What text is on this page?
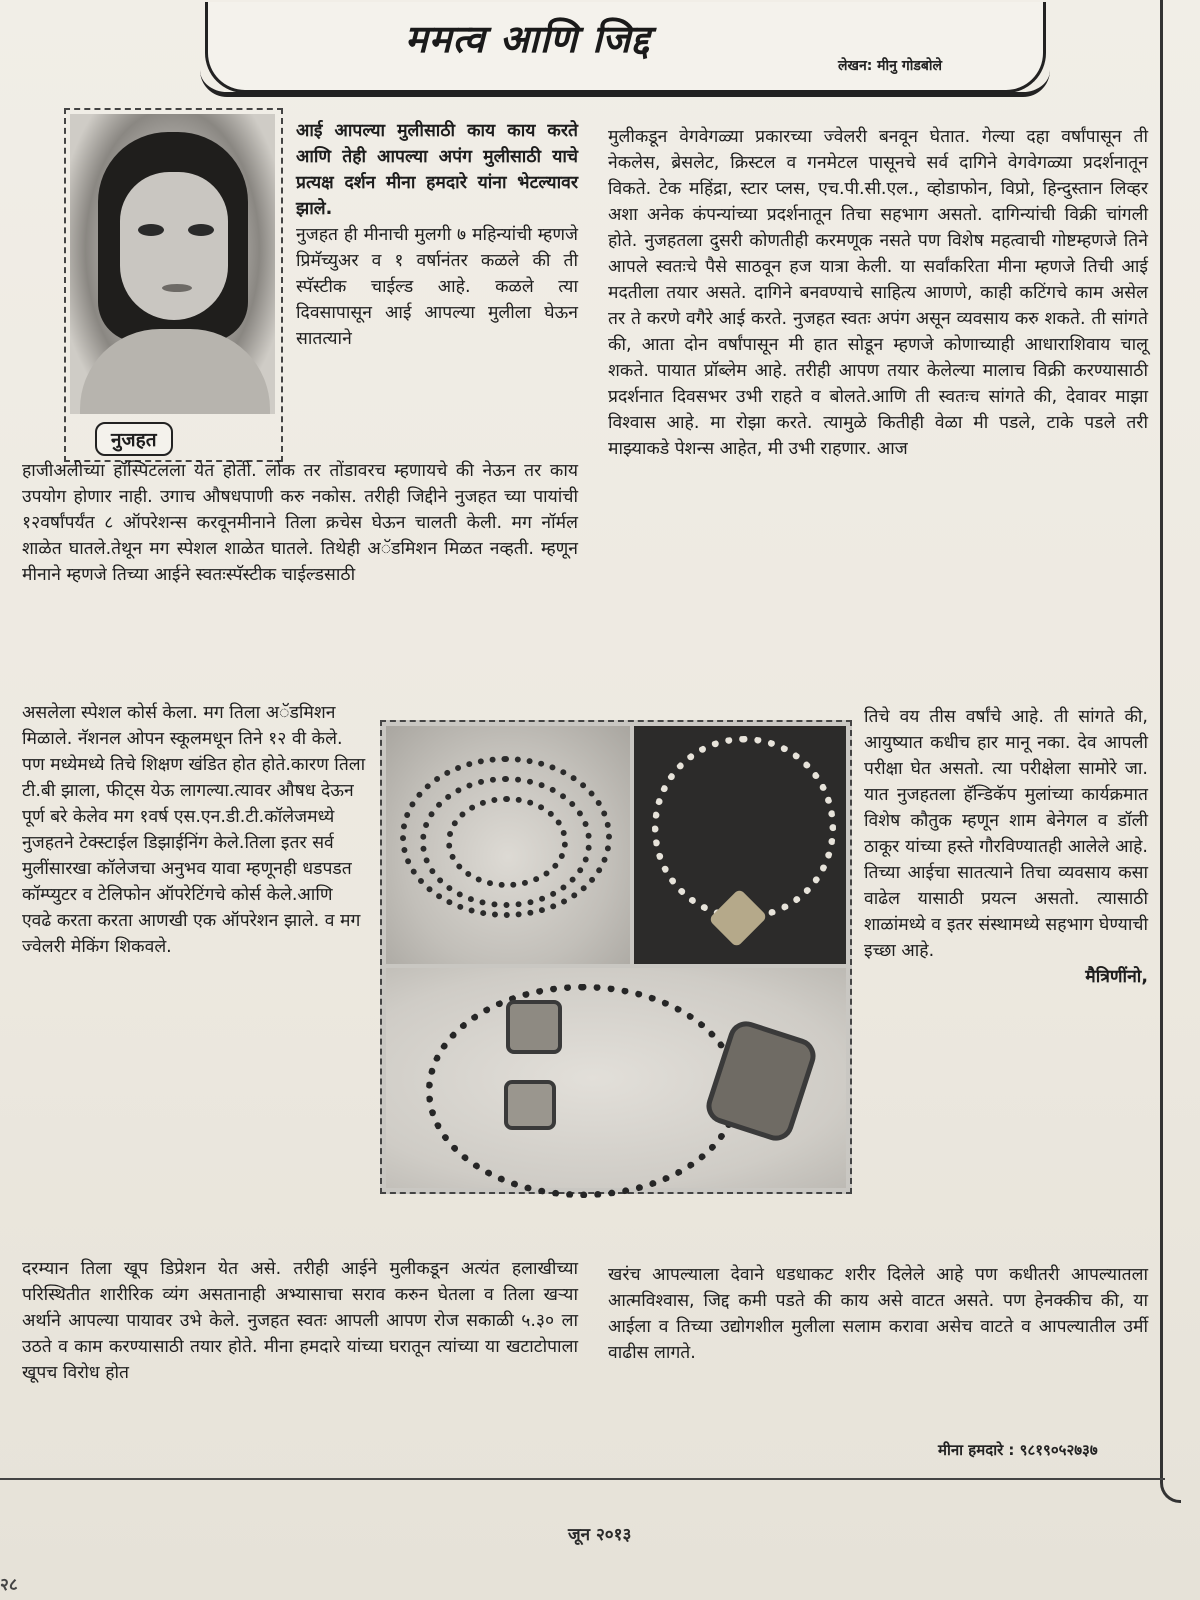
ममत्व आणि जिद्द
लेखन: मीनु गोडबोले
नुजहत

आई आपल्या मुलीसाठी काय काय करते आणि तेही आपल्या अपंग मुलीसाठी याचे प्रत्यक्ष दर्शन मीना हमदारे यांना भेटल्यावर झाले.

नुजहत ही मीनाची मुलगी ७ महिन्यांची म्हणजे प्रिमॅच्युअर व १ वर्षानंतर कळले की ती स्पॅस्टीक चाईल्ड आहे. कळले त्या दिवसापासून आई आपल्या मुलीला घेऊन सातत्याने

हाजीअलीच्या हॉस्पिटलला येत होती. लोक तर तोंडावरच म्हणायचे की नेऊन तर काय उपयोग होणार नाही. उगाच औषधपाणी करु नकोस. तरीही जिद्दीने नुजहत च्या पायांची १२वर्षांपर्यंत ८ ऑपरेशन्स करवूनमीनाने तिला क्रचेस घेऊन चालती केली. मग नॉर्मल शाळेत घातले.तेथून मग स्पेशल शाळेत घातले. तिथेही अॅडमिशन मिळत नव्हती. म्हणून मीनाने म्हणजे तिच्या आईने स्वतःस्पॅस्टीक चाईल्डसाठी

असलेला स्पेशल कोर्स केला. मग तिला अॅडमिशन मिळाले. नॅशनल ओपन स्कूलमधून तिने १२ वी केले. पण मध्येमध्ये तिचे शिक्षण खंडित होत होते.कारण तिला टी.बी झाला, फीट्स येऊ लागल्या.त्यावर औषध देऊन पूर्ण बरे केलेव मग १वर्ष एस.एन.डी.टी.कॉलेजमध्ये नुजहतने टेक्स्टाईल डिझाईनिंग केले.तिला इतर सर्व मुलींसारखा कॉलेजचा अनुभव यावा म्हणूनही धडपडत कॉम्प्युटर व टेलिफोन ऑपरेटिंगचे कोर्स केले.आणि एवढे करता करता आणखी एक ऑपरेशन झाले. व मग ज्वेलरी मेकिंग शिकवले.

दरम्यान तिला खूप डिप्रेशन येत असे. तरीही आईने मुलीकडून अत्यंत हलाखीच्या परिस्थितीत शारीरिक व्यंग असतानाही अभ्यासाचा सराव करुन घेतला व तिला खऱ्या अर्थाने आपल्या पायावर उभे केले. नुजहत स्वतः आपली आपण रोज सकाळी ५.३० ला उठते व काम करण्यासाठी तयार होते. मीना हमदारे यांच्या घरातून त्यांच्या या खटाटोपाला खूपच विरोध होत

मुलीकडून वेगवेगळ्या प्रकारच्या ज्वेलरी बनवून घेतात. गेल्या दहा वर्षांपासून ती नेकलेस, ब्रेसलेट, क्रिस्टल व गनमेटल पासूनचे सर्व दागिने वेगवेगळ्या प्रदर्शनातून विकते. टेक महिंद्रा, स्टार प्लस, एच.पी.सी.एल., व्होडाफोन, विप्रो, हिन्दुस्तान लिव्हर अशा अनेक कंपन्यांच्या प्रदर्शनातून तिचा सहभाग असतो. दागिन्यांची विक्री चांगली होते. नुजहतला दुसरी कोणतीही करमणूक नसते पण विशेष महत्वाची गोष्टम्हणजे तिने आपले स्वतःचे पैसे साठवून हज यात्रा केली. या सर्वांकरिता मीना म्हणजे तिची आई मदतीला तयार असते. दागिने बनवण्याचे साहित्य आणणे, काही कटिंगचे काम असेल तर ते करणे वगैरे आई करते. नुजहत स्वतः अपंग असून व्यवसाय करु शकते. ती सांगते की, आता दोन वर्षांपासून मी हात सोडून म्हणजे कोणाच्याही आधाराशिवाय चालू शकते. पायात प्रॉब्लेम आहे. तरीही आपण तयार केलेल्या मालाच विक्री करण्यासाठी प्रदर्शनात दिवसभर उभी राहते व बोलते.आणि ती स्वतःच सांगते की, देवावर माझा विश्वास आहे. मा रोझा करते. त्यामुळे कितीही वेळा मी पडले, टाके पडले तरी माझ्याकडे पेशन्स आहेत, मी उभी राहणार. आज

तिचे वय तीस वर्षांचे आहे. ती सांगते की, आयुष्यात कधीच हार मानू नका. देव आपली परीक्षा घेत असतो. त्या परीक्षेला सामोरे जा. यात नुजहतला हॅन्डिकॅप मुलांच्या कार्यक्रमात विशेष कौतुक म्हणून शाम बेनेगल व डॉली ठाकूर यांच्या हस्ते गौरविण्यातही आलेले आहे. तिच्या आईचा सातत्याने तिचा व्यवसाय कसा वाढेल यासाठी प्रयत्न असतो. त्यासाठी शाळांमध्ये व इतर संस्थामध्ये सहभाग घेण्याची इच्छा आहे.

मैत्रिणींनो,

खरंच आपल्याला देवाने धडधाकट शरीर दिलेले आहे पण कधीतरी आपल्यातला आत्मविश्वास, जिद्द कमी पडते की काय असे वाटत असते. पण हेनक्कीच की, या आईला व तिच्या उद्योगशील मुलीला सलाम करावा असेच वाटते व आपल्यातील उर्मी वाढीस लागते.

मीना हमदारे : ९८१९०५२७३७
जून २०१३
२८
